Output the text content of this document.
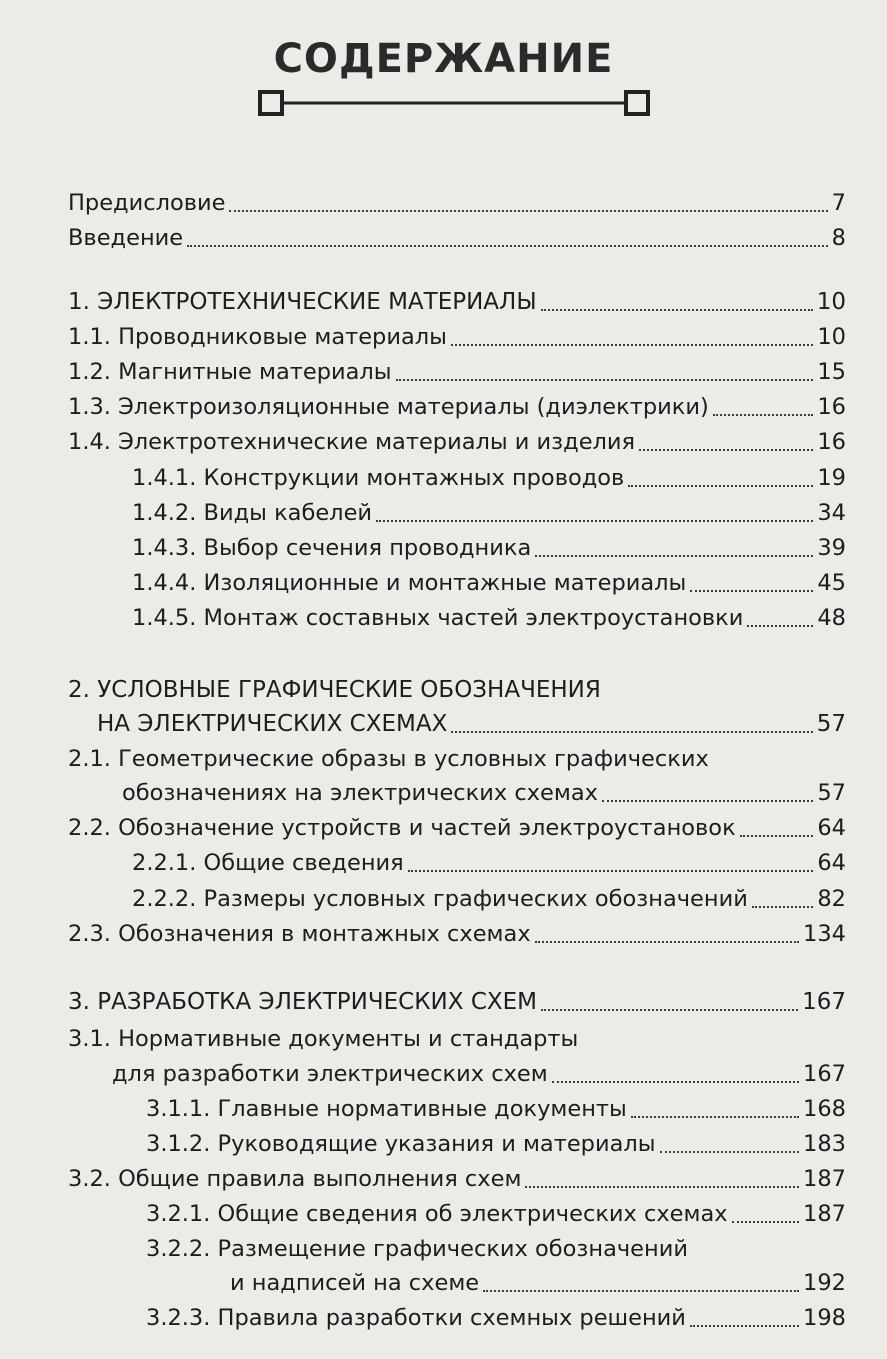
СОДЕРЖАНИЕ
Предисловие	7
Введение	8
1. ЭЛЕКТРОТЕХНИЧЕСКИЕ МАТЕРИАЛЫ	10
1.1. Проводниковые материалы	10
1.2. Магнитные материалы	15
1.3. Электроизоляционные материалы (диэлектрики)	16
1.4. Электротехнические материалы и изделия	16
1.4.1. Конструкции монтажных проводов	19
1.4.2. Виды кабелей	34
1.4.3. Выбор сечения проводника	39
1.4.4. Изоляционные и монтажные материалы	45
1.4.5. Монтаж составных частей электроустановки	48
2. УСЛОВНЫЕ ГРАФИЧЕСКИЕ ОБОЗНАЧЕНИЯ
НА ЭЛЕКТРИЧЕСКИХ СХЕМАХ	57
2.1. Геометрические образы в условных графических
обозначениях на электрических схемах	57
2.2. Обозначение устройств и частей электроустановок	64
2.2.1. Общие сведения	64
2.2.2. Размеры условных графических обозначений	82
2.3. Обозначения в монтажных схемах	134
3. РАЗРАБОТКА ЭЛЕКТРИЧЕСКИХ СХЕМ	167
3.1. Нормативные документы и стандарты
для разработки электрических схем	167
3.1.1. Главные нормативные документы	168
3.1.2. Руководящие указания и материалы	183
3.2. Общие правила выполнения схем	187
3.2.1. Общие сведения об электрических схемах	187
3.2.2. Размещение графических обозначений
и надписей на схеме	192
3.2.3. Правила разработки схемных решений	198
